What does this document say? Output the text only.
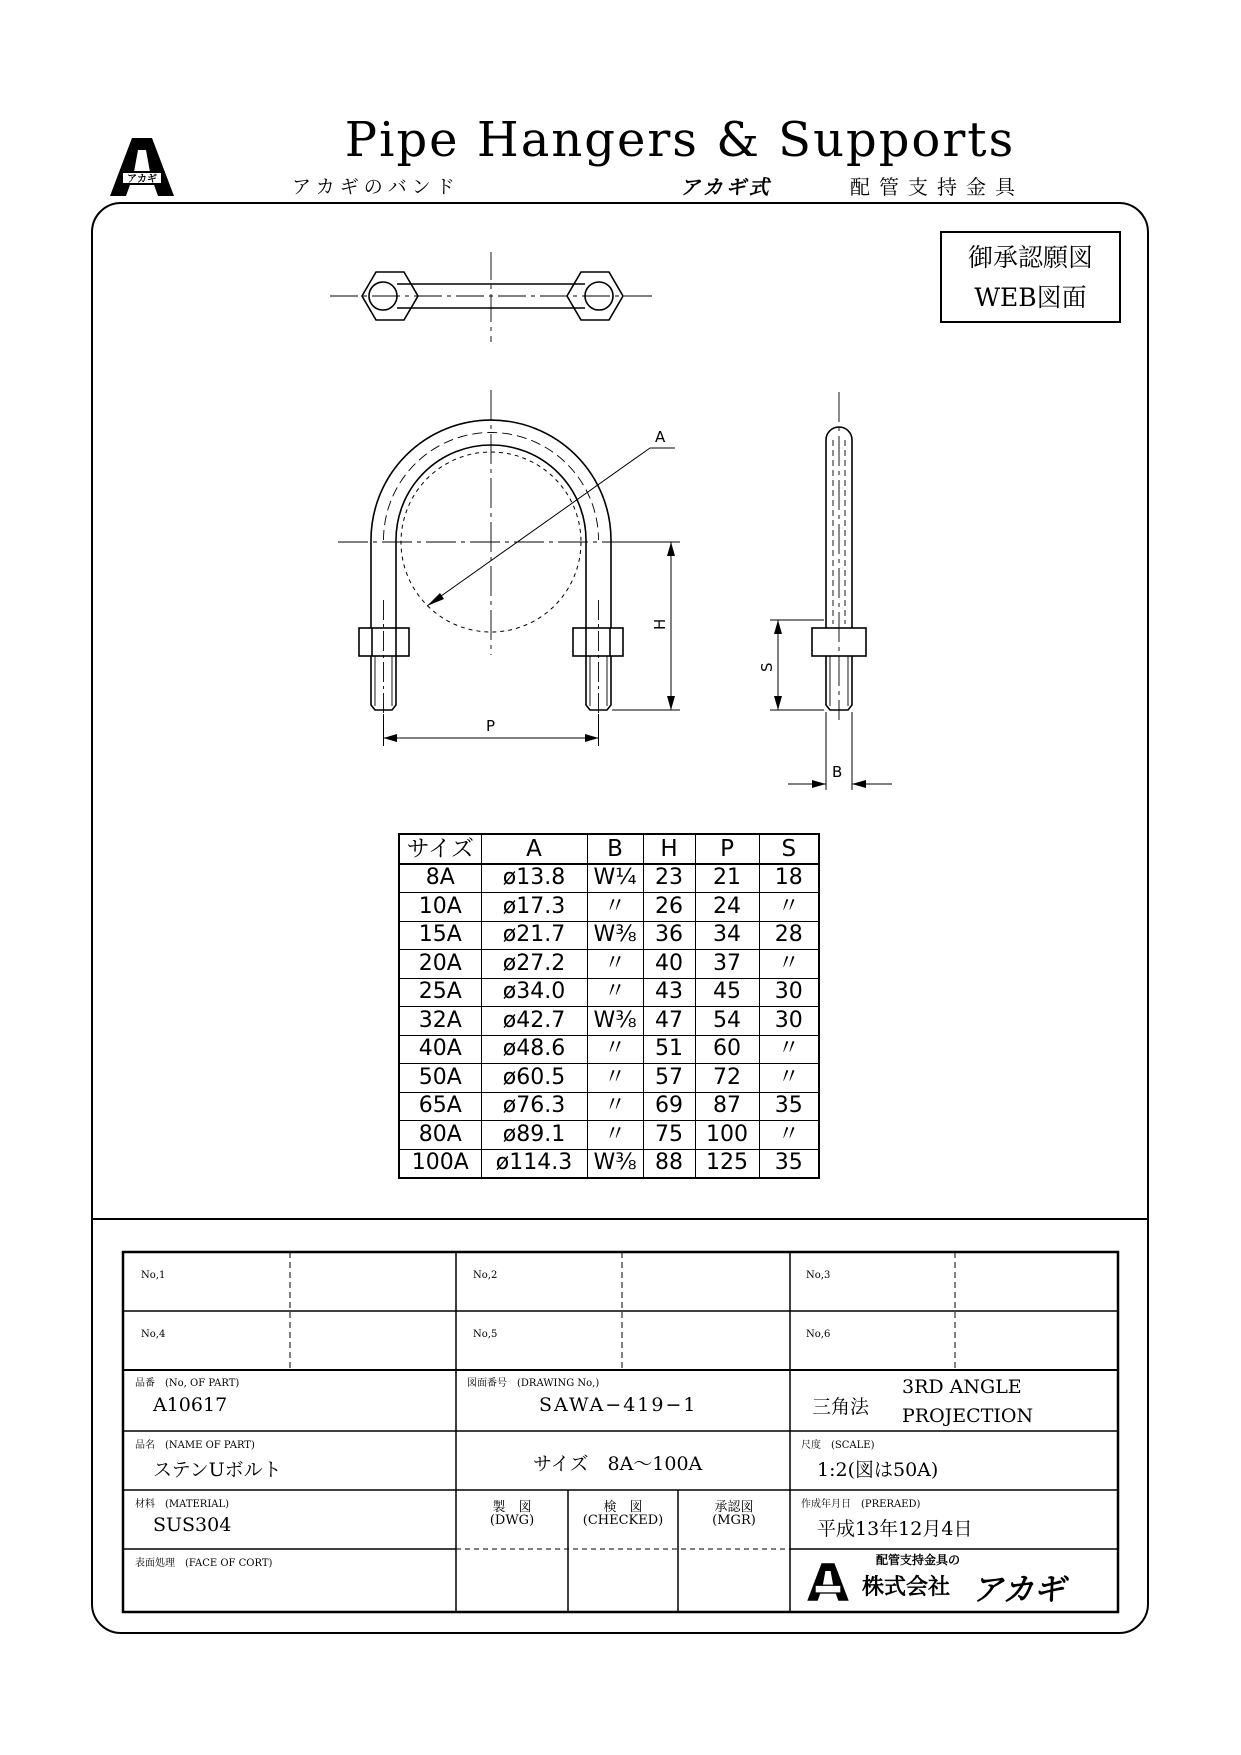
アカギ
Pipe Hangers & Supports
アカギのバンド	アカギ式	配管支持金具
御承認願図
WEB図面
A
P
H
S
B
サイズ	A	B	H	P	S
8A	ø13.8	W¼	23	21	18
10A	ø17.3	〃	26	24	〃
15A	ø21.7	W⅜	36	34	28
20A	ø27.2	〃	40	37	〃
25A	ø34.0	〃	43	45	30
32A	ø42.7	W⅜	47	54	30
40A	ø48.6	〃	51	60	〃
50A	ø60.5	〃	57	72	〃
65A	ø76.3	〃	69	87	35
80A	ø89.1	〃	75	100	〃
100A	ø114.3	W⅜	88	125	35
No,1	No,2	No,3
No,4	No,5	No,6
品番　(No, OF PART)
A10617
図面番号　(DRAWING No,)
SAWA−419−1	三角法
3RD ANGLE
PROJECTION
品名　(NAME OF PART)
ステンUボルト	サイズ　8A～100A
尺度　(SCALE)
1:2(図は50A)
材料　(MATERIAL)
SUS304
製　図
(DWG)
検　図
(CHECKED)
承認図
(MGR)
作成年月日　(PRERAED)
平成13年12月4日
表面処理　(FACE OF CORT)	配管支持金具の
株式会社 アカギ
